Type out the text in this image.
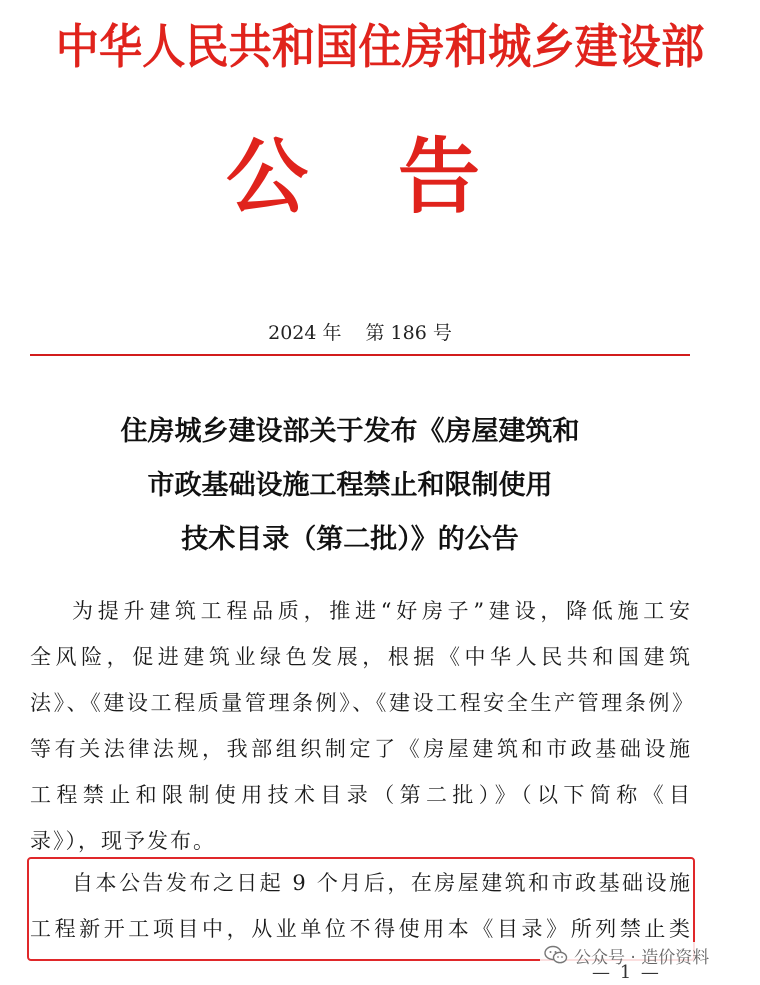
中华人民共和国住房和城乡建设部
公 告
2024 年 第 186 号
住房城乡建设部关于发布《房屋建筑和
市政基础设施工程禁止和限制使用
技术目录（第二批）》的公告
为提升建筑工程品质，推进“好房子”建设，降低施工安
全风险，促进建筑业绿色发展，根据《中华人民共和国建筑
法》、《建设工程质量管理条例》、《建设工程安全生产管理条例》
等有关法律法规，我部组织制定了《房屋建筑和市政基础设施
工程禁止和限制使用技术目录（第二批）》（以下简称《目
录》），现予发布。
自本公告发布之日起 9 个月后，在房屋建筑和市政基础设施
工程新开工项目中，从业单位不得使用本《目录》所列禁止类
公众号 · 造价资料
— 1 —
